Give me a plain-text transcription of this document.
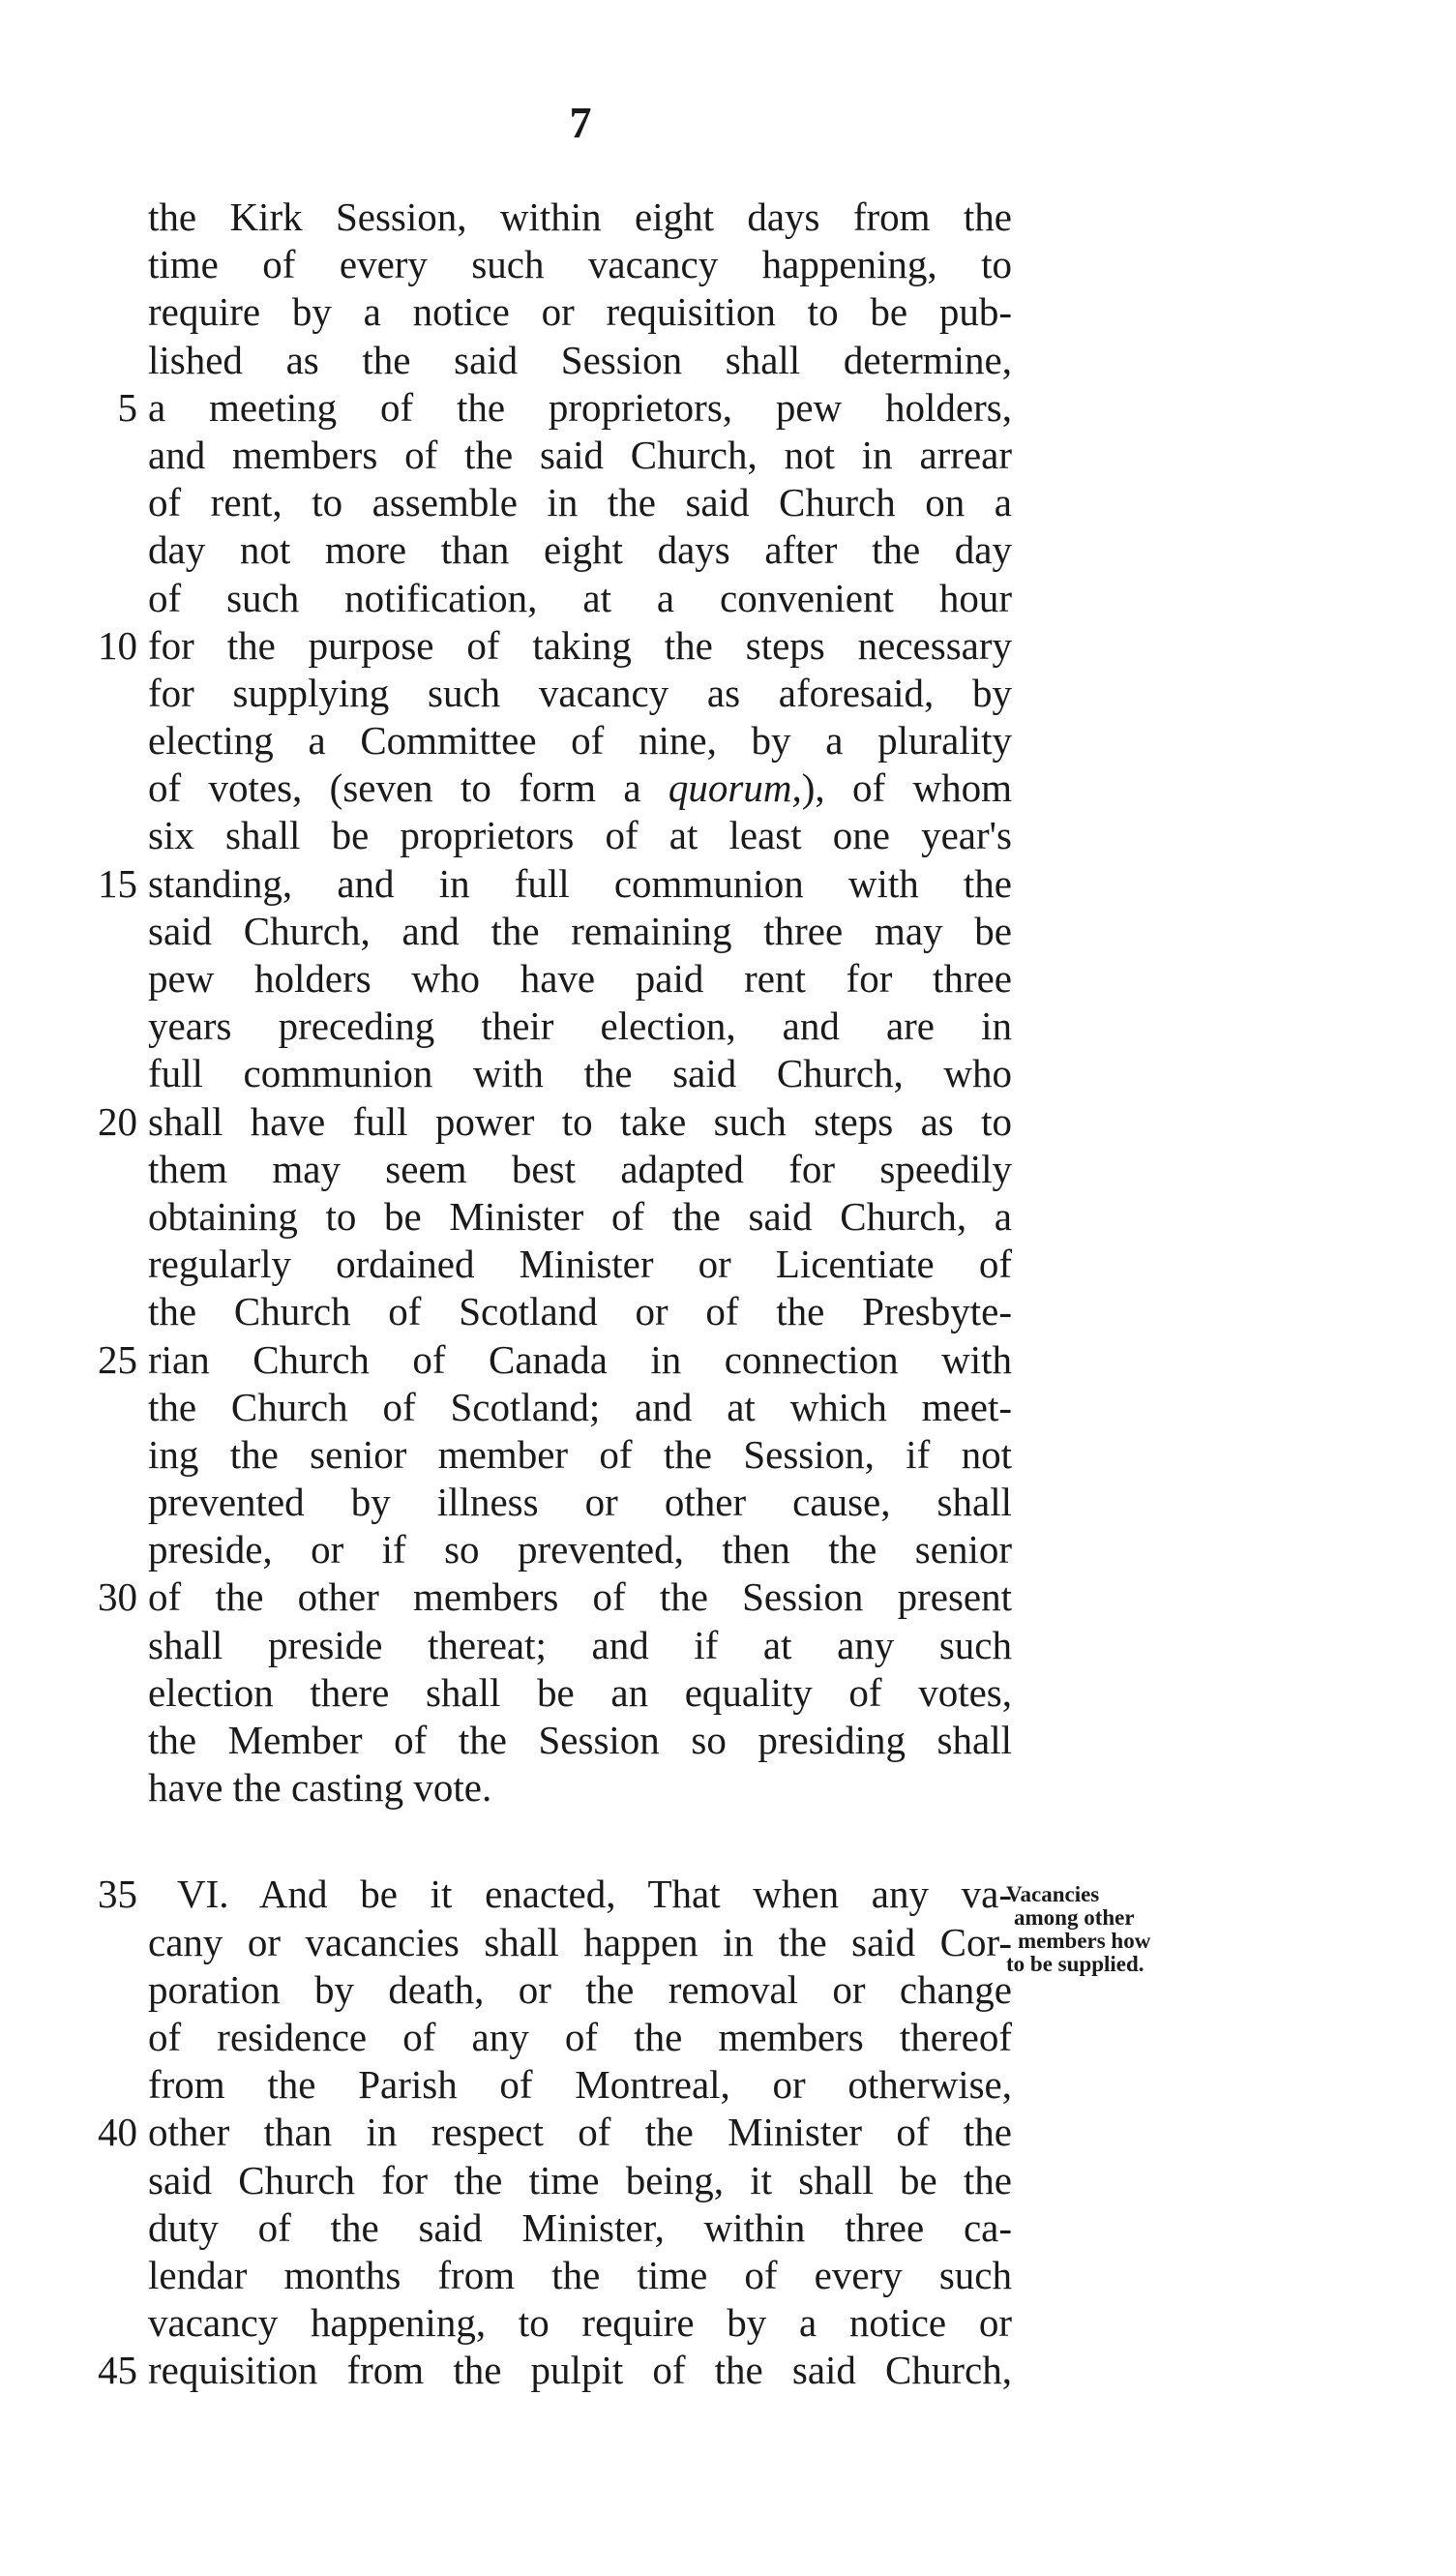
7
the Kirk Session, within eight days from the
time of every such vacancy happening, to
require by a notice or requisition to be pub-
lished as the said Session shall determine,
5 a meeting of the proprietors, pew holders,
and members of the said Church, not in arrear
of rent, to assemble in the said Church on a
day not more than eight days after the day
of such notification, at a convenient hour
10 for the purpose of taking the steps necessary
for supplying such vacancy as aforesaid, by
electing a Committee of nine, by a plurality
of votes, (seven to form a quorum,), of whom
six shall be proprietors of at least one year's
15 standing, and in full communion with the
said Church, and the remaining three may be
pew holders who have paid rent for three
years preceding their election, and are in
full communion with the said Church, who
20 shall have full power to take such steps as to
them may seem best adapted for speedily
obtaining to be Minister of the said Church, a
regularly ordained Minister or Licentiate of
the Church of Scotland or of the Presbyte-
25 rian Church of Canada in connection with
the Church of Scotland; and at which meet-
ing the senior member of the Session, if not
prevented by illness or other cause, shall
preside, or if so prevented, then the senior
30 of the other members of the Session present
shall preside thereat; and if at any such
election there shall be an equality of votes,
the Member of the Session so presiding shall
have the casting vote.
35	VI. And be it enacted, That when any va-
cany or vacancies shall happen in the said Cor-
poration by death, or the removal or change
of residence of any of the members thereof
from the Parish of Montreal, or otherwise,
40 other than in respect of the Minister of the
said Church for the time being, it shall be the
duty of the said Minister, within three ca-
lendar months from the time of every such
vacancy happening, to require by a notice or
45 requisition from the pulpit of the said Church,
Vacancies
among other
members how
to be supplied.
